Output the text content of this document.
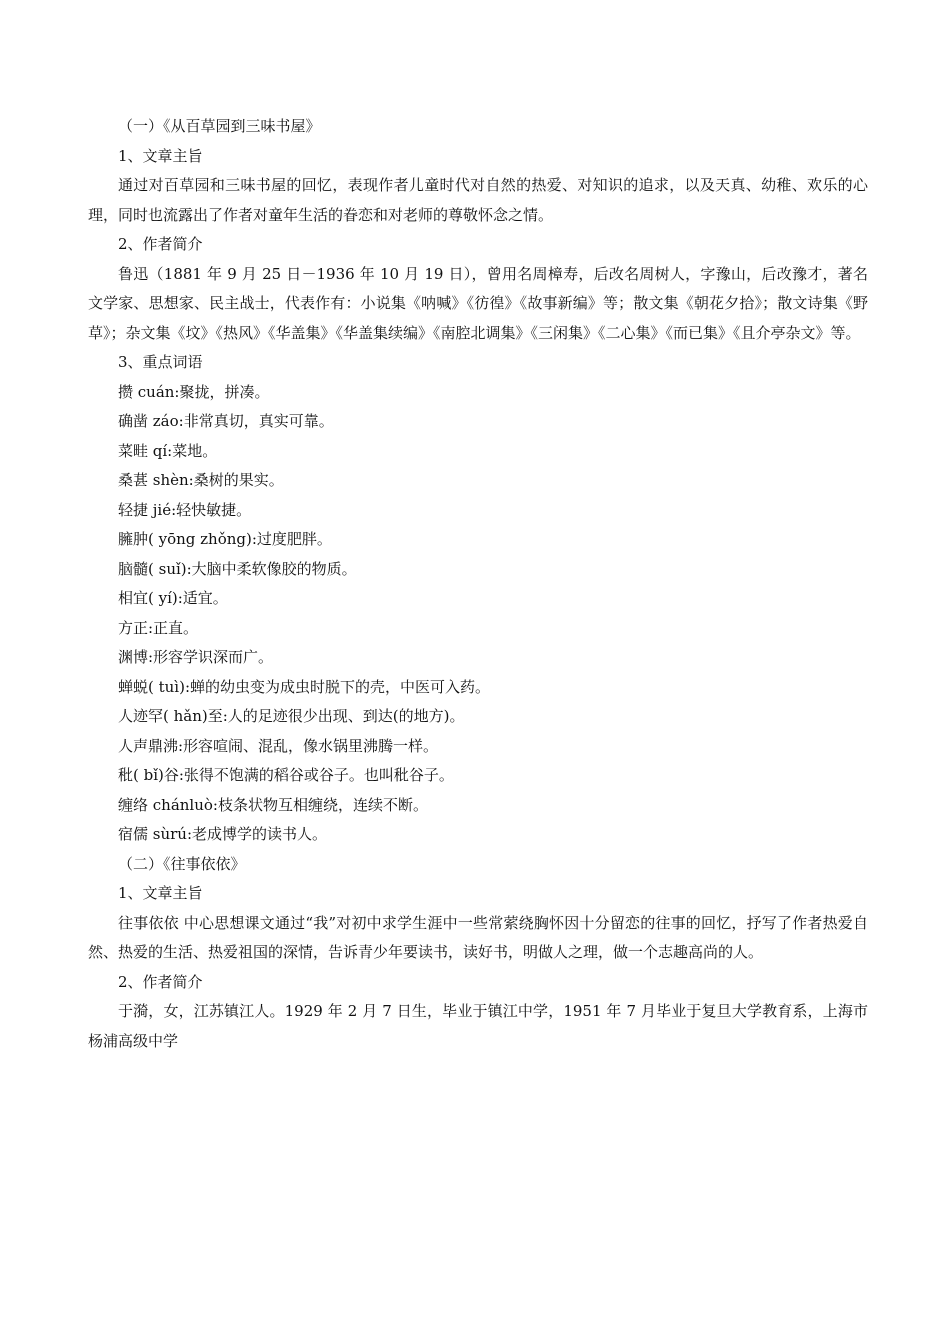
（一）《从百草园到三味书屋》

1、文章主旨

通过对百草园和三味书屋的回忆，表现作者儿童时代对自然的热爱、对知识的追求，以及天真、幼稚、欢乐的心理，同时也流露出了作者对童年生活的眷恋和对老师的尊敬怀念之情。

2、作者简介

鲁迅（1881 年 9 月 25 日－1936 年 10 月 19 日），曾用名周樟寿，后改名周树人，字豫山，后改豫才，著名文学家、思想家、民主战士，代表作有：小说集《呐喊》《彷徨》《故事新编》等；散文集《朝花夕拾》；散文诗集《野草》；杂文集《坟》《热风》《华盖集》《华盖集续编》《南腔北调集》《三闲集》《二心集》《而已集》《且介亭杂文》等。

3、重点词语

攒 cuán:聚拢，拼凑。

确凿 záo:非常真切，真实可靠。

菜畦 qí:菜地。

桑葚 shèn:桑树的果实。

轻捷 jié:轻快敏捷。

臃肿( yōng zhǒng):过度肥胖。

脑髓( suǐ):大脑中柔软像胶的物质。

相宜( yí):适宜。

方正:正直。

渊博:形容学识深而广。

蝉蜕( tuì):蝉的幼虫变为成虫时脱下的壳，中医可入药。

人迹罕( hǎn)至:人的足迹很少出现、到达(的地方)。

人声鼎沸:形容喧闹、混乱，像水锅里沸腾一样。

秕( bǐ)谷:张得不饱满的稻谷或谷子。也叫秕谷子。

缠络 chánluò:枝条状物互相缠绕，连续不断。

宿儒 sùrú:老成博学的读书人。

（二）《往事依依》

1、文章主旨

往事依依 中心思想课文通过“我”对初中求学生涯中一些常萦绕胸怀因十分留恋的往事的回忆，抒写了作者热爱自然、热爱的生活、热爱祖国的深情，告诉青少年要读书，读好书，明做人之理，做一个志趣高尚的人。

2、作者简介

于漪，女，江苏镇江人。1929 年 2 月 7 日生，毕业于镇江中学，1951 年 7 月毕业于复旦大学教育系，上海市杨浦高级中学
